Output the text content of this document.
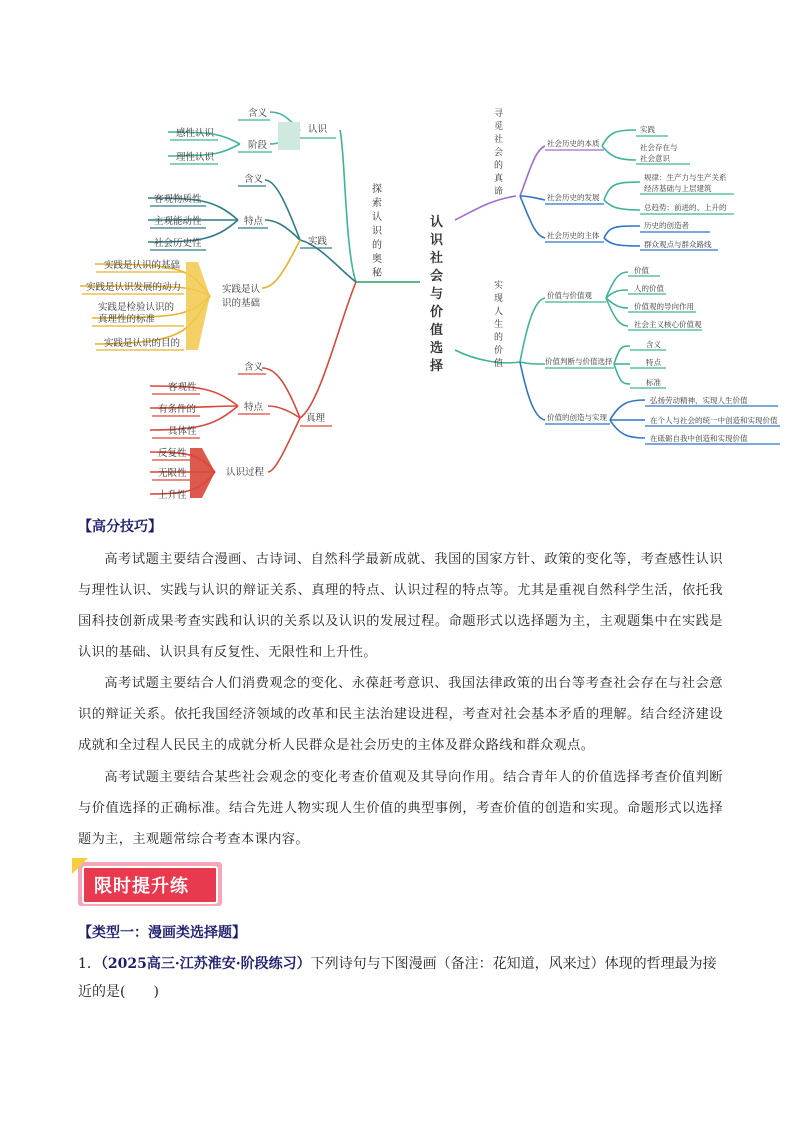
含义
阶段
感性认识
理性认识
认识
含义
特点
客观物质性
主观能动性
社会历史性	实践
实践是认
识的基础
实践是认识的基础
实践是认识发展的动力
实践是检验认识的
真理性的标准
实践是认识的目的
含义
特点
客观性
有条件的
具体性
真理
认识过程
反复性
无限性
上升性
探
索
认
识
的
奥
秘
认
识
社
会
与
价
值
选
择
寻
觅
社
会
的
真
谛
实
现
人
生
的
价
值
社会历史的本质
实践
社会存在与
社会意识
社会历史的发展
规律：生产力与生产关系
经济基础与上层建筑
总趋势：前进的、上升的
社会历史的主体
历史的创造者
群众观点与群众路线
价值与价值观
价值
人的价值
价值观的导向作用
社会主义核心价值观
价值判断与价值选择
含义
特点
标准
价值的创造与实现
弘扬劳动精神，实现人生价值
在个人与社会的统一中创造和实现价值
在砥砺自我中创造和实现价值
【高分技巧】

高考试题主要结合漫画、古诗词、自然科学最新成就、我国的国家方针、政策的变化等，考查感性认识与理性认识、实践与认识的辩证关系、真理的特点、认识过程的特点等。尤其是重视自然科学生活，依托我国科技创新成果考查实践和认识的关系以及认识的发展过程。命题形式以选择题为主，主观题集中在实践是认识的基础、认识具有反复性、无限性和上升性。

高考试题主要结合人们消费观念的变化、永葆赶考意识、我国法律政策的出台等考查社会存在与社会意识的辩证关系。依托我国经济领域的改革和民主法治建设进程，考查对社会基本矛盾的理解。结合经济建设成就和全过程人民民主的成就分析人民群众是社会历史的主体及群众路线和群众观点。

高考试题主要结合某些社会观念的变化考查价值观及其导向作用。结合青年人的价值选择考查价值判断与价值选择的正确标准。结合先进人物实现人生价值的典型事例，考查价值的创造和实现。命题形式以选择题为主，主观题常综合考查本课内容。

限时提升练
【类型一：漫画类选择题】
1．（2025高三·江苏淮安·阶段练习）下列诗句与下图漫画（备注：花知道，风来过）体现的哲理最为接近的是(　　)
